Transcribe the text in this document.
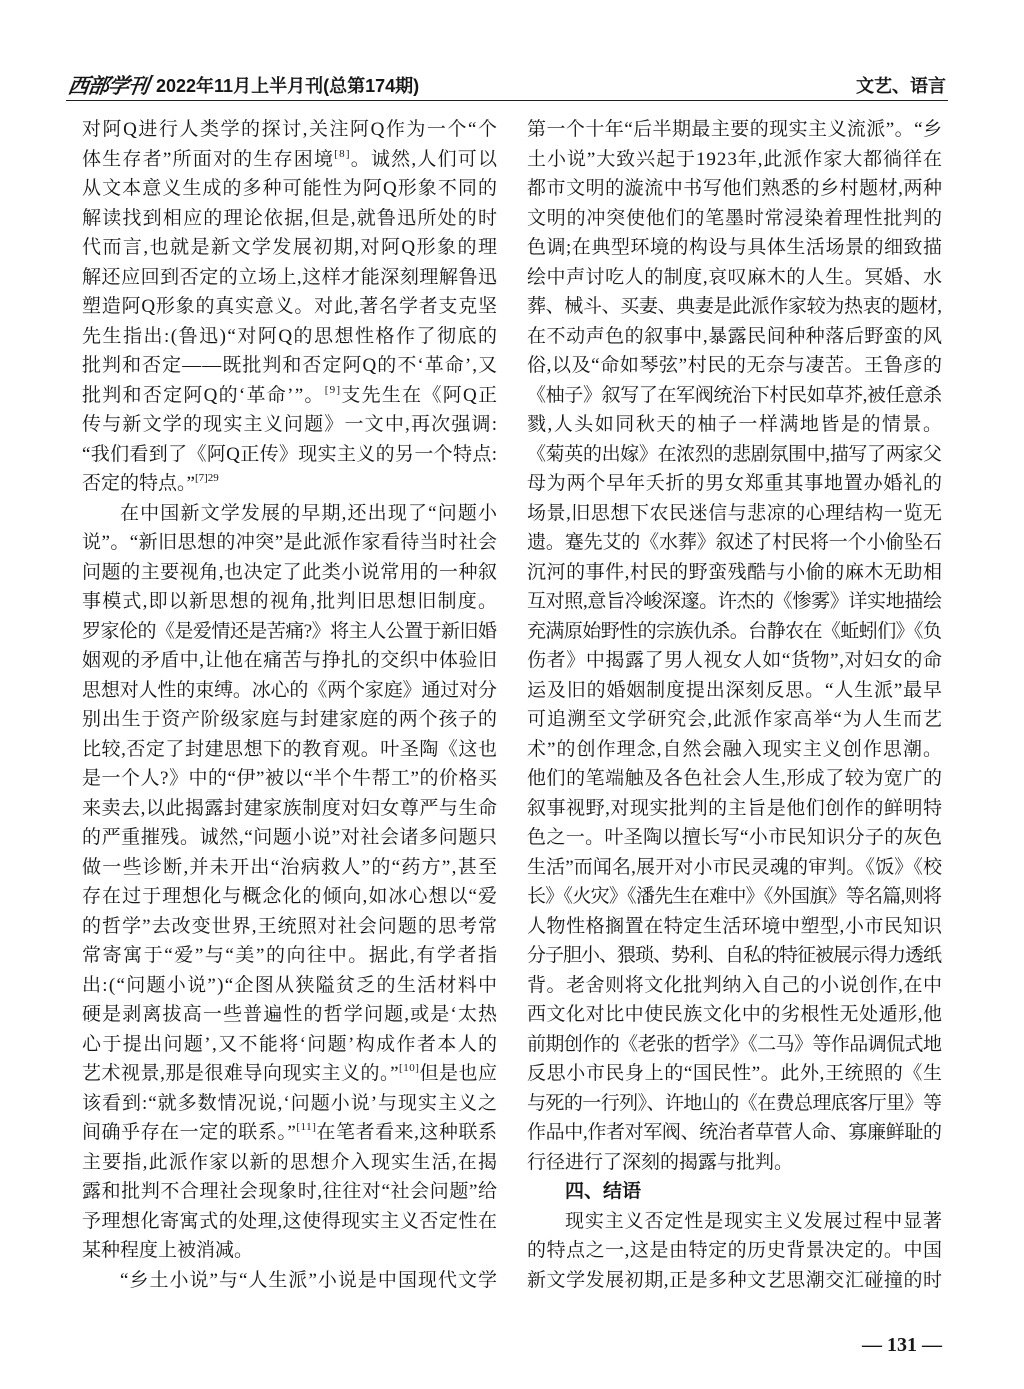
西部学刊 2022年11月上半月刊(总第174期)	文艺、语言
对阿Q进行人类学的探讨,关注阿Q作为一个“个
体生存者”所面对的生存困境[8]。诚然,人们可以
从文本意义生成的多种可能性为阿Q形象不同的
解读找到相应的理论依据,但是,就鲁迅所处的时
代而言,也就是新文学发展初期,对阿Q形象的理
解还应回到否定的立场上,这样才能深刻理解鲁迅
塑造阿Q形象的真实意义。对此,著名学者支克坚
先生指出:(鲁迅)“对阿Q的思想性格作了彻底的
批判和否定——既批判和否定阿Q的不‘革命’,又
批判和否定阿Q的‘革命’”。[9]支先生在《阿Q正
传与新文学的现实主义问题》一文中,再次强调:
“我们看到了《阿Q正传》现实主义的另一个特点:
否定的特点。”$^{[7]29}$
在中国新文学发展的早期,还出现了“问题小
说”。“新旧思想的冲突”是此派作家看待当时社会
问题的主要视角,也决定了此类小说常用的一种叙
事模式,即以新思想的视角,批判旧思想旧制度。
罗家伦的《是爱情还是苦痛?》将主人公置于新旧婚
姻观的矛盾中,让他在痛苦与挣扎的交织中体验旧
思想对人性的束缚。冰心的《两个家庭》通过对分
别出生于资产阶级家庭与封建家庭的两个孩子的
比较,否定了封建思想下的教育观。叶圣陶《这也
是一个人?》中的“伊”被以“半个牛帮工”的价格买
来卖去,以此揭露封建家族制度对妇女尊严与生命
的严重摧残。诚然,“问题小说”对社会诸多问题只
做一些诊断,并未开出“治病救人”的“药方”,甚至
存在过于理想化与概念化的倾向,如冰心想以“爱
的哲学”去改变世界,王统照对社会问题的思考常
常寄寓于“爱”与“美”的向往中。据此,有学者指
出:(“问题小说”)“企图从狭隘贫乏的生活材料中
硬是剥离拔高一些普遍性的哲学问题,或是‘太热
心于提出问题’,又不能将‘问题’构成作者本人的
艺术视景,那是很难导向现实主义的。”[10]但是也应
该看到:“就多数情况说,‘问题小说’与现实主义之
间确乎存在一定的联系。”[11]在笔者看来,这种联系
主要指,此派作家以新的思想介入现实生活,在揭
露和批判不合理社会现象时,往往对“社会问题”给
予理想化寄寓式的处理,这使得现实主义否定性在
某种程度上被消减。
“乡土小说”与“人生派”小说是中国现代文学
第一个十年“后半期最主要的现实主义流派”。“乡
土小说”大致兴起于1923年,此派作家大都徜徉在
都市文明的漩流中书写他们熟悉的乡村题材,两种
文明的冲突使他们的笔墨时常浸染着理性批判的
色调;在典型环境的构设与具体生活场景的细致描
绘中声讨吃人的制度,哀叹麻木的人生。冥婚、水
葬、械斗、买妻、典妻是此派作家较为热衷的题材,
在不动声色的叙事中,暴露民间种种落后野蛮的风
俗,以及“命如琴弦”村民的无奈与凄苦。王鲁彦的
《柚子》叙写了在军阀统治下村民如草芥,被任意杀
戮,人头如同秋天的柚子一样满地皆是的情景。
《菊英的出嫁》在浓烈的悲剧氛围中,描写了两家父
母为两个早年夭折的男女郑重其事地置办婚礼的
场景,旧思想下农民迷信与悲凉的心理结构一览无
遗。蹇先艾的《水葬》叙述了村民将一个小偷坠石
沉河的事件,村民的野蛮残酷与小偷的麻木无助相
互对照,意旨冷峻深邃。许杰的《惨雾》详实地描绘
充满原始野性的宗族仇杀。台静农在《蚯蚓们》《负
伤者》中揭露了男人视女人如“货物”,对妇女的命
运及旧的婚姻制度提出深刻反思。“人生派”最早
可追溯至文学研究会,此派作家高举“为人生而艺
术”的创作理念,自然会融入现实主义创作思潮。
他们的笔端触及各色社会人生,形成了较为宽广的
叙事视野,对现实批判的主旨是他们创作的鲜明特
色之一。叶圣陶以擅长写“小市民知识分子的灰色
生活”而闻名,展开对小市民灵魂的审判。《饭》《校
长》《火灾》《潘先生在难中》《外国旗》等名篇,则将
人物性格搁置在特定生活环境中塑型,小市民知识
分子胆小、猥琐、势利、自私的特征被展示得力透纸
背。老舍则将文化批判纳入自己的小说创作,在中
西文化对比中使民族文化中的劣根性无处遁形,他
前期创作的《老张的哲学》《二马》等作品调侃式地
反思小市民身上的“国民性”。此外,王统照的《生
与死的一行列》、许地山的《在费总理底客厅里》等
作品中,作者对军阀、统治者草菅人命、寡廉鲜耻的
行径进行了深刻的揭露与批判。
四、结语
现实主义否定性是现实主义发展过程中显著
的特点之一,这是由特定的历史背景决定的。中国
新文学发展初期,正是多种文艺思潮交汇碰撞的时
— 131 —
